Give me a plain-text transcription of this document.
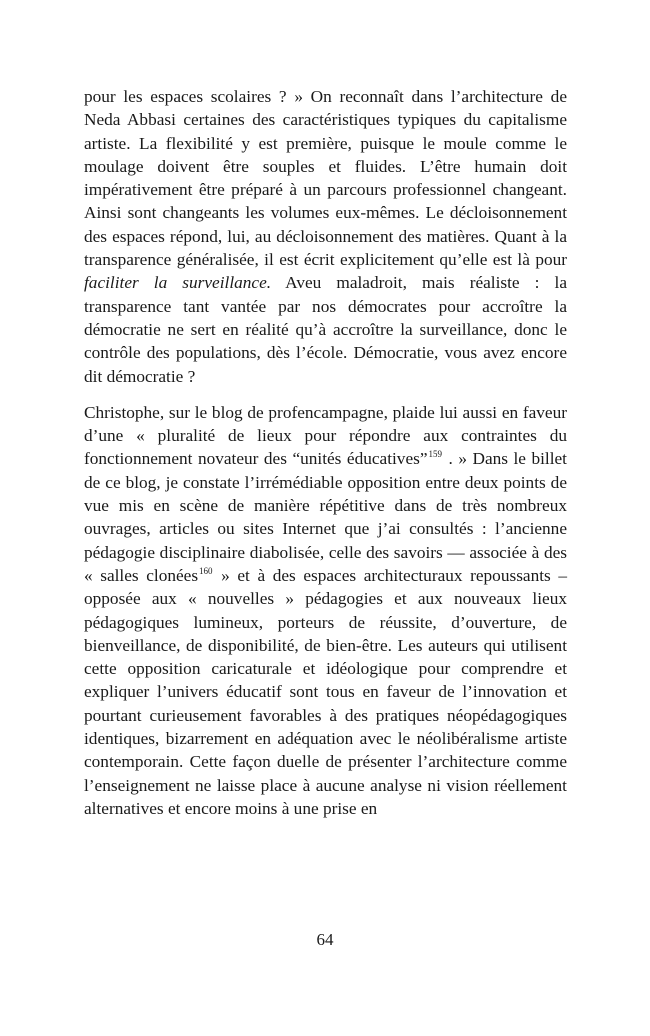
pour les espaces scolaires ? » On reconnaît dans l’architecture de Neda Abbasi certaines des caractéristiques typiques du capitalisme artiste. La flexibilité y est première, puisque le moule comme le moulage doivent être souples et fluides. L’être humain doit impérativement être préparé à un parcours professionnel changeant. Ainsi sont changeants les volumes eux-mêmes. Le décloisonnement des espaces répond, lui, au décloisonnement des matières. Quant à la transparence généralisée, il est écrit explicitement qu’elle est là pour faciliter la surveillance. Aveu maladroit, mais réaliste : la transparence tant vantée par nos démocrates pour accroître la démocratie ne sert en réalité qu’à accroître la surveillance, donc le contrôle des populations, dès l’école. Démocratie, vous avez encore dit démocratie ?

Christophe, sur le blog de profencampagne, plaide lui aussi en faveur d’une « pluralité de lieux pour répondre aux contraintes du fonctionnement novateur des “unités éducatives”$^{159}$ . » Dans le billet de ce blog, je constate l’irrémédiable opposition entre deux points de vue mis en scène de manière répétitive dans de très nombreux ouvrages, articles ou sites Internet que j’ai consultés : l’ancienne pédagogie disciplinaire diabolisée, celle des savoirs — associée à des « salles clonées$^{160}$ » et à des espaces architecturaux repoussants – opposée aux « nouvelles » pédagogies et aux nouveaux lieux pédagogiques lumineux, porteurs de réussite, d’ouverture, de bienveillance, de disponibilité, de bien-être. Les auteurs qui utilisent cette opposition caricaturale et idéologique pour comprendre et expliquer l’univers éducatif sont tous en faveur de l’innovation et pourtant curieusement favorables à des pratiques néopédagogiques identiques, bizarrement en adéquation avec le néolibéralisme artiste contemporain. Cette façon duelle de présenter l’architecture comme l’enseignement ne laisse place à aucune analyse ni vision réellement alternatives et encore moins à une prise en

64
